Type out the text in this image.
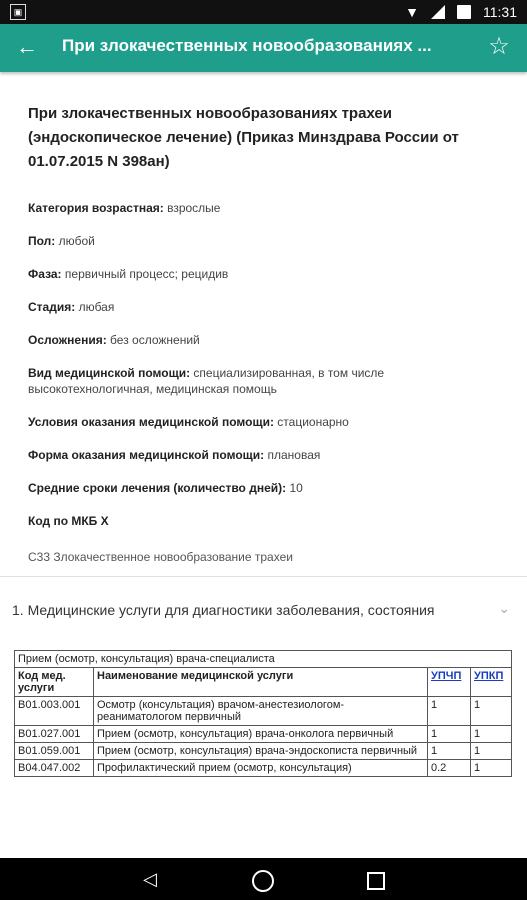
▣	▼	11:31
← При злокачественных новообразованиях ...	☆
При злокачественных новообразованиях трахеи (эндоскопическое лечение) (Приказ Минздрава России от 01.07.2015 N 398ан)
Категория возрастная: взрослые
Пол: любой
Фаза: первичный процесс; рецидив
Стадия: любая
Осложнения: без осложнений
Вид медицинской помощи: специализированная, в том числе высокотехнологичная, медицинская помощь
Условия оказания медицинской помощи: стационарно
Форма оказания медицинской помощи: плановая
Средние сроки лечения (количество дней): 10
Код по МКБ X
C33 Злокачественное новообразование трахеи
1. Медицинские услуги для диагностики заболевания, состояния	⌄
Прием (осмотр, консультация) врача-специалиста			
Код мед. услуги	Наименование медицинской услуги	УПЧП	УПКП
B01.003.001	Осмотр (консультация) врачом-анестезиологом-реаниматологом первичный	1	1
B01.027.001	Прием (осмотр, консультация) врача-онколога первичный	1	1
B01.059.001	Прием (осмотр, консультация) врача-эндоскописта первичный	1	1
B04.047.002	Профилактический прием (осмотр, консультация)	0.2	1
◁
